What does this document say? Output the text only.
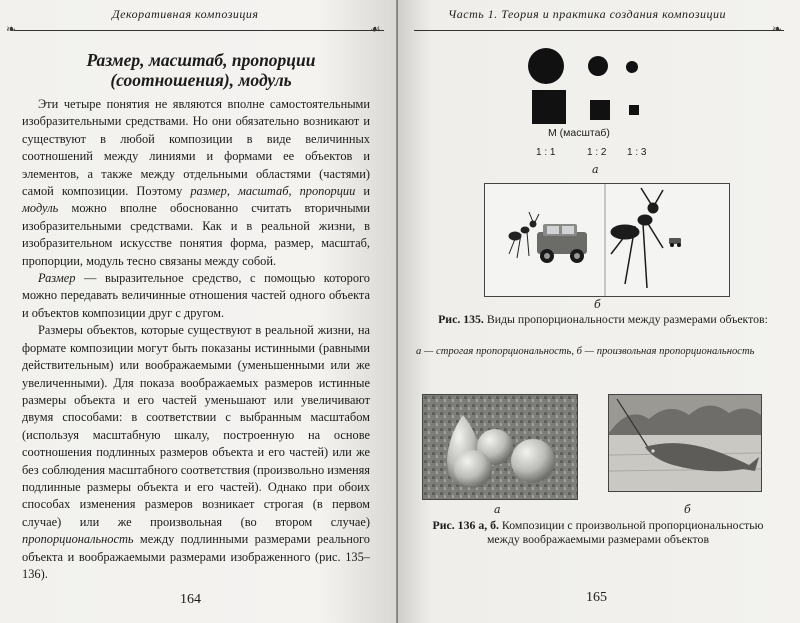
Декоративная композиция
❧	☙
Размер, масштаб, пропорции (соотношения), модуль

Эти четыре понятия не являются вполне самостоятельными изобразительными средствами. Но они обязательно возникают и существуют в любой композиции в виде величинных соотношений между линиями и формами ее объектов и элементов, а также между отдельными областями (частями) самой композиции. Поэтому размер, масштаб, пропорции и модуль можно вполне обоснованно считать вторичными изобразительными средствами. Как и в реальной жизни, в изобразительном искусстве понятия форма, размер, масштаб, пропорции, модуль тесно связаны между собой.

Размер — выразительное средство, с помощью которого можно передавать величинные отношения частей одного объекта и объектов композиции друг с другом.

Размеры объектов, которые существуют в реальной жизни, на формате композиции могут быть показаны истинными (равными действительным) или воображаемыми (уменьшенными или же увеличенными). Для показа воображаемых размеров истинные размеры объекта и его частей уменьшают или увеличивают двумя способами: в соответствии с выбранным масштабом (используя масштабную шкалу, построенную на основе соотношения подлинных размеров объекта и его частей) или же без соблюдения масштабного соответствия (произвольно изменяя подлинные размеры объекта и его частей). Однако при обоих способах изменения размеров возникает строгая (в первом случае) или же произвольная (во втором случае) пропорциональность между подлинными размерами реального объекта и воображаемыми размерами изображенного (рис. 135–136).

164
Часть 1. Теория и практика создания композиции
❧
М (масштаб)
1 : 1	1 : 2 1 : 3
а
б
Рис. 135. Виды пропорциональности между размерами объектов:
а — строгая пропорциональность, б — произвольная пропорциональность
а	б
Рис. 136 а, б. Композиции с произвольной пропорциональностью между воображаемыми размерами объектов
165
